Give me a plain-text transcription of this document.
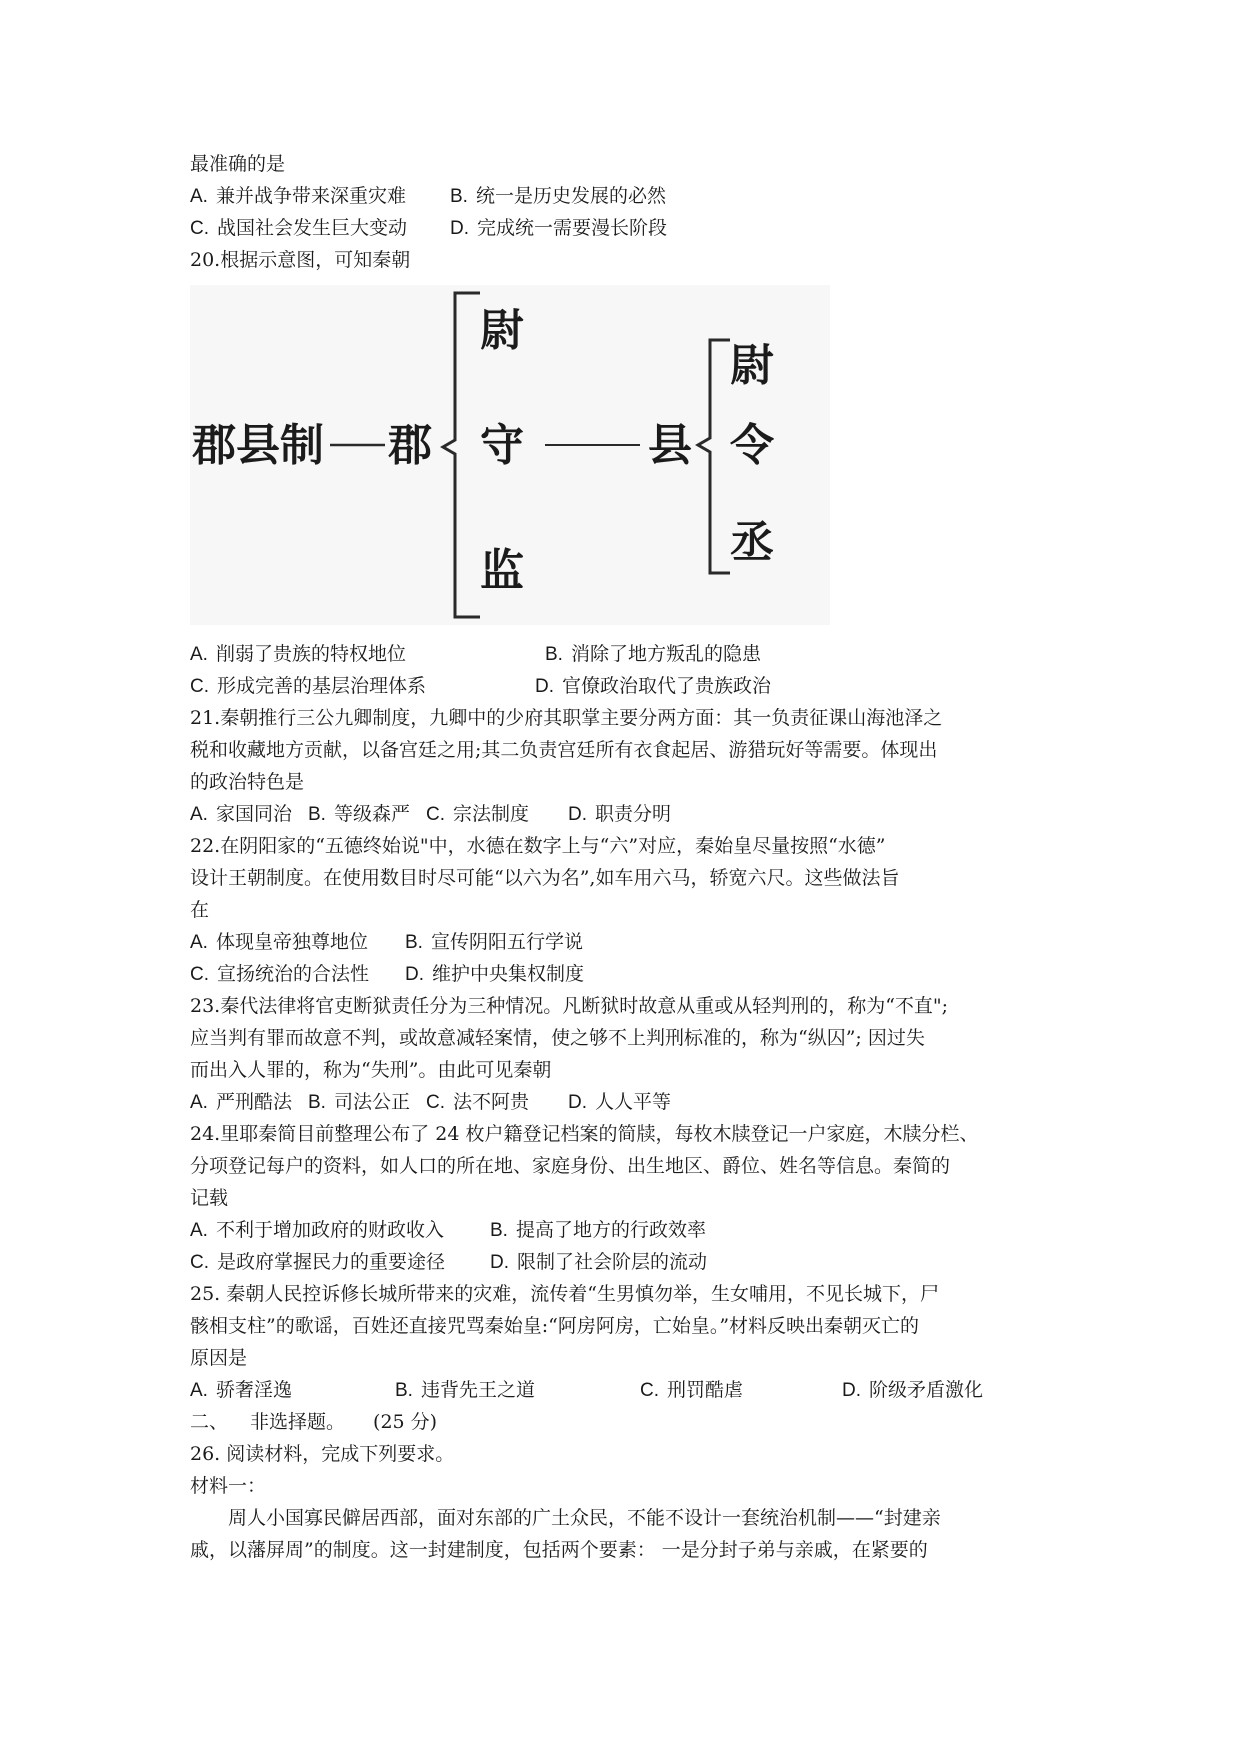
最准确的是
A. 兼并战争带来深重灾难 B. 统一是历史发展的必然
C. 战国社会发生巨大变动 D. 完成统一需要漫长阶段
20.根据示意图，可知秦朝
郡县制 郡
尉
守
监
县
尉
令
丞
A. 削弱了贵族的特权地位	B. 消除了地方叛乱的隐患
C. 形成完善的基层治理体系	D. 官僚政治取代了贵族政治
21.秦朝推行三公九卿制度，九卿中的少府其职掌主要分两方面：其一负责征课山海池泽之
税和收藏地方贡献，以备宫廷之用;其二负责宫廷所有衣食起居、游猎玩好等需要。体现出
的政治特色是
A. 家国同治 B. 等级森严 C. 宗法制度 D. 职责分明
22.在阴阳家的“五德终始说"中，水德在数字上与“六”对应，秦始皇尽量按照“水德”
设计王朝制度。在使用数目时尽可能“以六为名”,如车用六马，轿宽六尺。这些做法旨
在
A. 体现皇帝独尊地位 B. 宣传阴阳五行学说
C. 宣扬统治的合法性 D. 维护中央集权制度
23.秦代法律将官吏断狱责任分为三种情况。凡断狱时故意从重或从轻判刑的，称为“不直";
应当判有罪而故意不判，或故意减轻案情，使之够不上判刑标准的，称为“纵囚”; 因过失
而出入人罪的，称为“失刑”。由此可见秦朝
A. 严刑酷法 B. 司法公正 C. 法不阿贵 D. 人人平等
24.里耶秦简目前整理公布了 24 枚户籍登记档案的简牍，每枚木牍登记一户家庭，木牍分栏、
分项登记每户的资料，如人口的所在地、家庭身份、出生地区、爵位、姓名等信息。秦简的
记载
A. 不利于增加政府的财政收入 B. 提高了地方的行政效率
C. 是政府掌握民力的重要途径 D. 限制了社会阶层的流动
25. 秦朝人民控诉修长城所带来的灾难，流传着“生男慎勿举，生女哺用，不见长城下，尸
骸相支柱”的歌谣，百姓还直接咒骂秦始皇:“阿房阿房，亡始皇。”材料反映出秦朝灭亡的
原因是
A. 骄奢淫逸	B. 违背先王之道	C. 刑罚酷虐	D. 阶级矛盾激化
二、 非选择题。 (25 分)
26. 阅读材料，完成下列要求。
材料一：
周人小国寡民僻居西部，面对东部的广土众民，不能不设计一套统治机制——“封建亲
戚，以藩屏周”的制度。这一封建制度，包括两个要素： 一是分封子弟与亲戚，在紧要的
